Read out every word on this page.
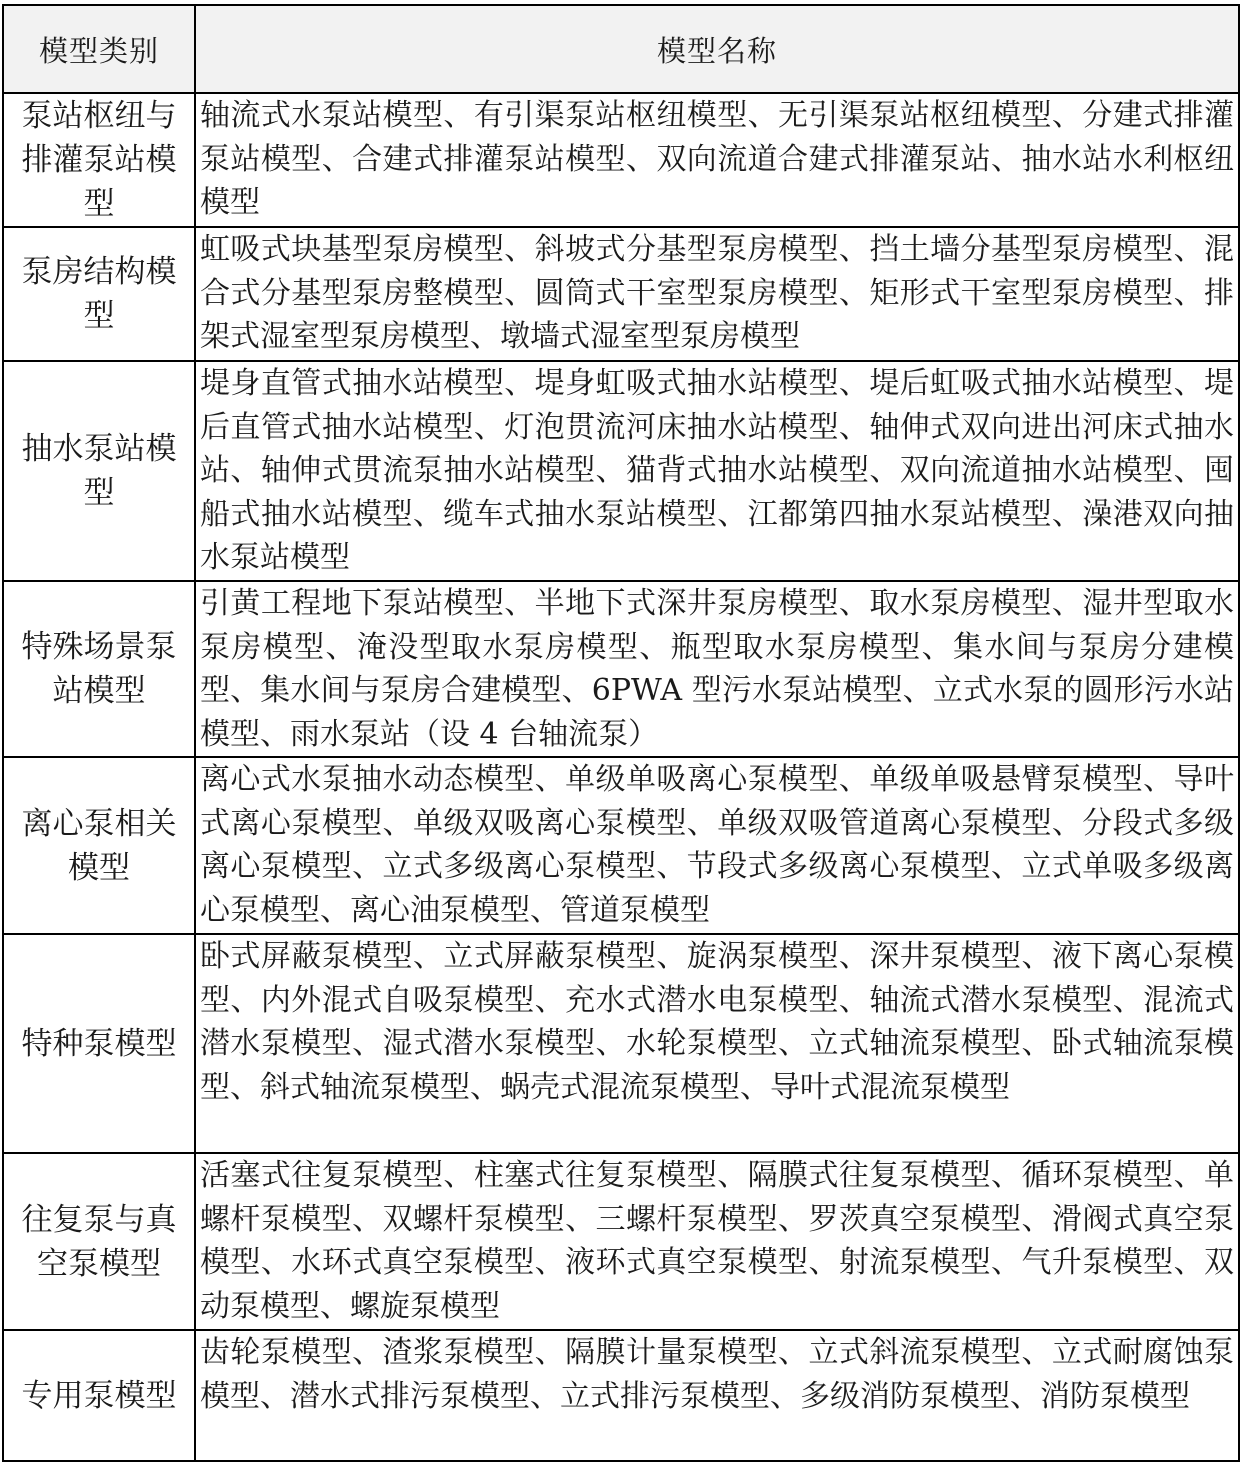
模型类别	模型名称
泵站枢纽与排灌泵站模型	轴流式水泵站模型、有引渠泵站枢纽模型、无引渠泵站枢纽模型、分建式排灌泵站模型、合建式排灌泵站模型、双向流道合建式排灌泵站、抽水站水利枢纽模型
泵房结构模型	虹吸式块基型泵房模型、斜坡式分基型泵房模型、挡土墙分基型泵房模型、混合式分基型泵房整模型、圆筒式干室型泵房模型、矩形式干室型泵房模型、排架式湿室型泵房模型、墩墙式湿室型泵房模型
抽水泵站模型	堤身直管式抽水站模型、堤身虹吸式抽水站模型、堤后虹吸式抽水站模型、堤后直管式抽水站模型、灯泡贯流河床抽水站模型、轴伸式双向进出河床式抽水站、轴伸式贯流泵抽水站模型、猫背式抽水站模型、双向流道抽水站模型、囤船式抽水站模型、缆车式抽水泵站模型、江都第四抽水泵站模型、澡港双向抽水泵站模型
特殊场景泵站模型	引黄工程地下泵站模型、半地下式深井泵房模型、取水泵房模型、湿井型取水泵房模型、淹没型取水泵房模型、瓶型取水泵房模型、集水间与泵房分建模型、集水间与泵房合建模型、6PWA 型污水泵站模型、立式水泵的圆形污水站模型、雨水泵站（设 4 台轴流泵）
离心泵相关模型	离心式水泵抽水动态模型、单级单吸离心泵模型、单级单吸悬臂泵模型、导叶式离心泵模型、单级双吸离心泵模型、单级双吸管道离心泵模型、分段式多级离心泵模型、立式多级离心泵模型、节段式多级离心泵模型、立式单吸多级离心泵模型、离心油泵模型、管道泵模型
特种泵模型	卧式屏蔽泵模型、立式屏蔽泵模型、旋涡泵模型、深井泵模型、液下离心泵模型、内外混式自吸泵模型、充水式潜水电泵模型、轴流式潜水泵模型、混流式潜水泵模型、湿式潜水泵模型、水轮泵模型、立式轴流泵模型、卧式轴流泵模型、斜式轴流泵模型、蜗壳式混流泵模型、导叶式混流泵模型
往复泵与真空泵模型	活塞式往复泵模型、柱塞式往复泵模型、隔膜式往复泵模型、循环泵模型、单螺杆泵模型、双螺杆泵模型、三螺杆泵模型、罗茨真空泵模型、滑阀式真空泵模型、水环式真空泵模型、液环式真空泵模型、射流泵模型、气升泵模型、双动泵模型、螺旋泵模型
专用泵模型	齿轮泵模型、渣浆泵模型、隔膜计量泵模型、立式斜流泵模型、立式耐腐蚀泵模型、潜水式排污泵模型、立式排污泵模型、多级消防泵模型、消防泵模型
